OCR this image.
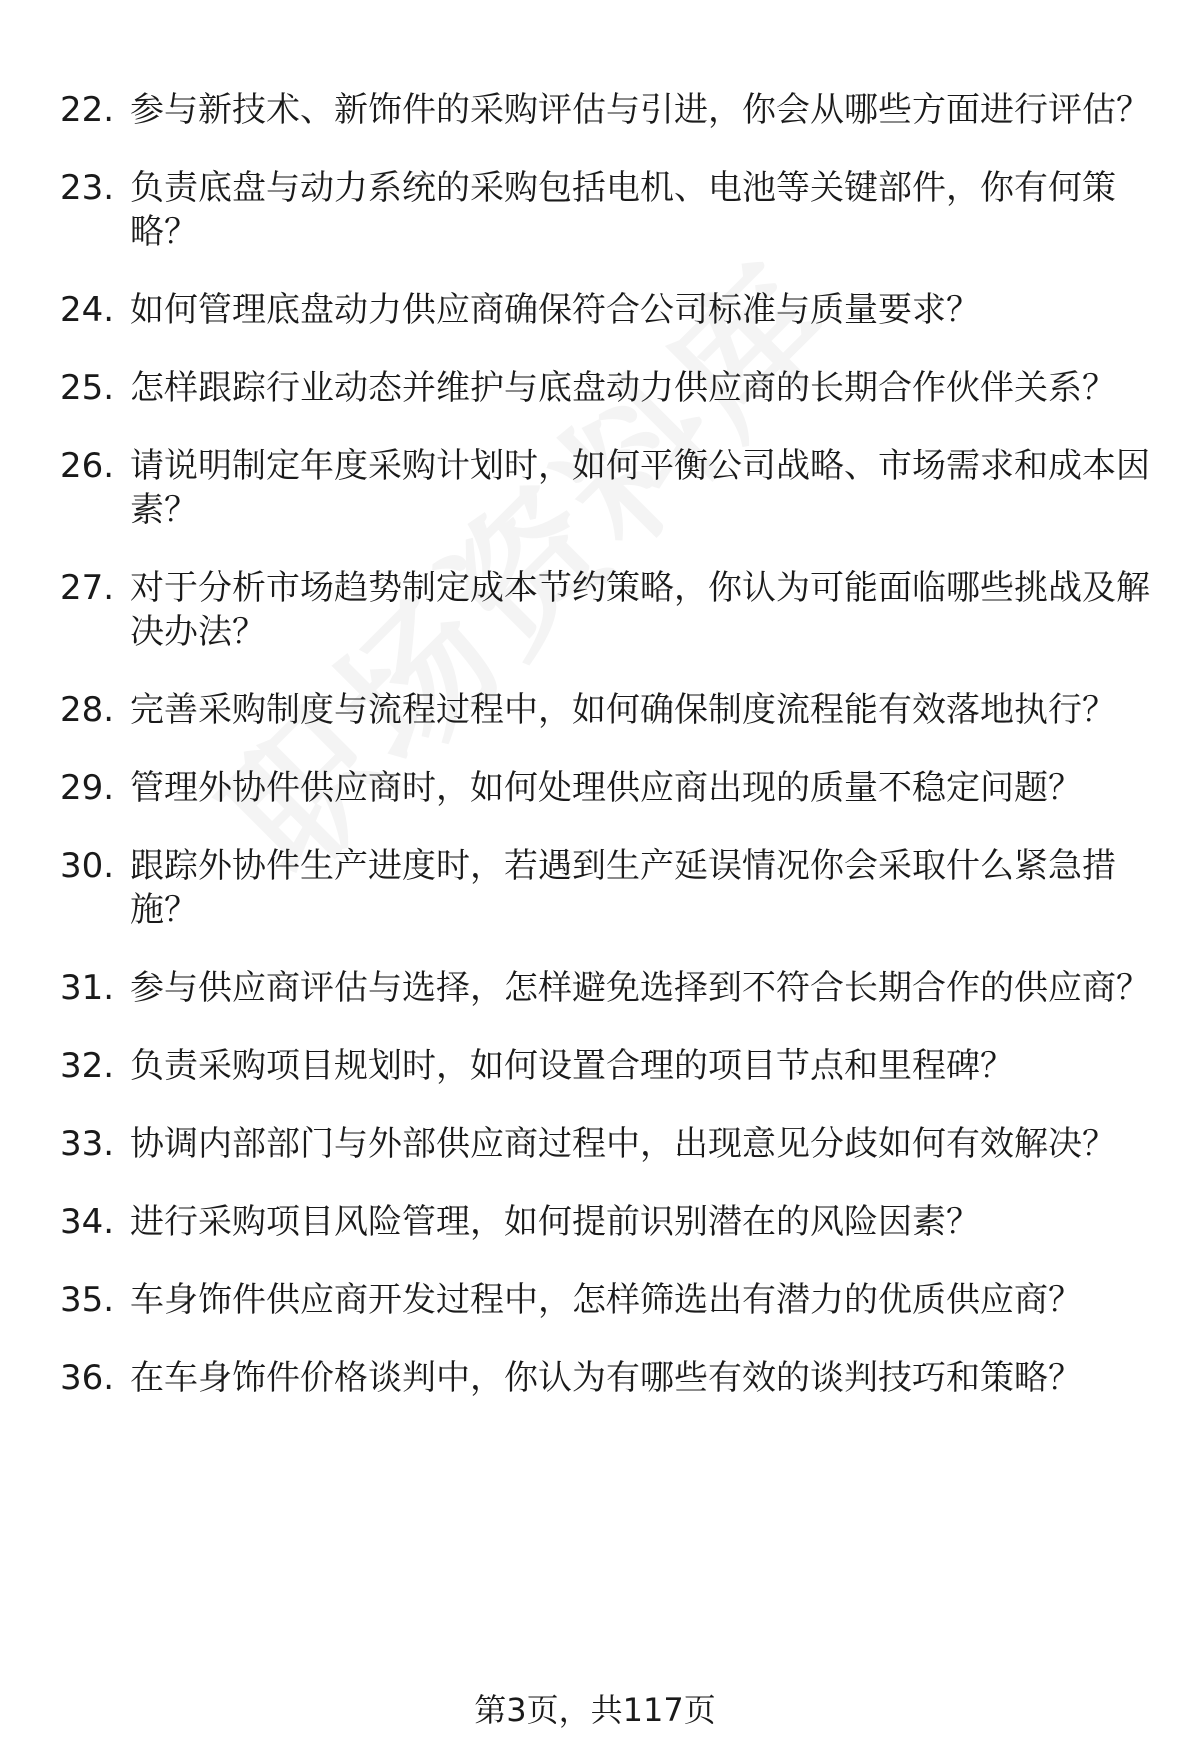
22. 参与新技术、新饰件的采购评估与引进，你会从哪些方面进行评估？
23. 负责底盘与动力系统的采购包括电机、电池等关键部件，你有何策略？
24. 如何管理底盘动力供应商确保符合公司标准与质量要求？
25. 怎样跟踪行业动态并维护与底盘动力供应商的长期合作伙伴关系？
26. 请说明制定年度采购计划时，如何平衡公司战略、市场需求和成本因素？
27. 对于分析市场趋势制定成本节约策略，你认为可能面临哪些挑战及解决办法？
28. 完善采购制度与流程过程中，如何确保制度流程能有效落地执行？
29. 管理外协件供应商时，如何处理供应商出现的质量不稳定问题？
30. 跟踪外协件生产进度时，若遇到生产延误情况你会采取什么紧急措施？
31. 参与供应商评估与选择，怎样避免选择到不符合长期合作的供应商？
32. 负责采购项目规划时，如何设置合理的项目节点和里程碑？
33. 协调内部部门与外部供应商过程中，出现意见分歧如何有效解决？
34. 进行采购项目风险管理，如何提前识别潜在的风险因素？
35. 车身饰件供应商开发过程中，怎样筛选出有潜力的优质供应商？
36. 在车身饰件价格谈判中，你认为有哪些有效的谈判技巧和策略？
第3页，共117页
